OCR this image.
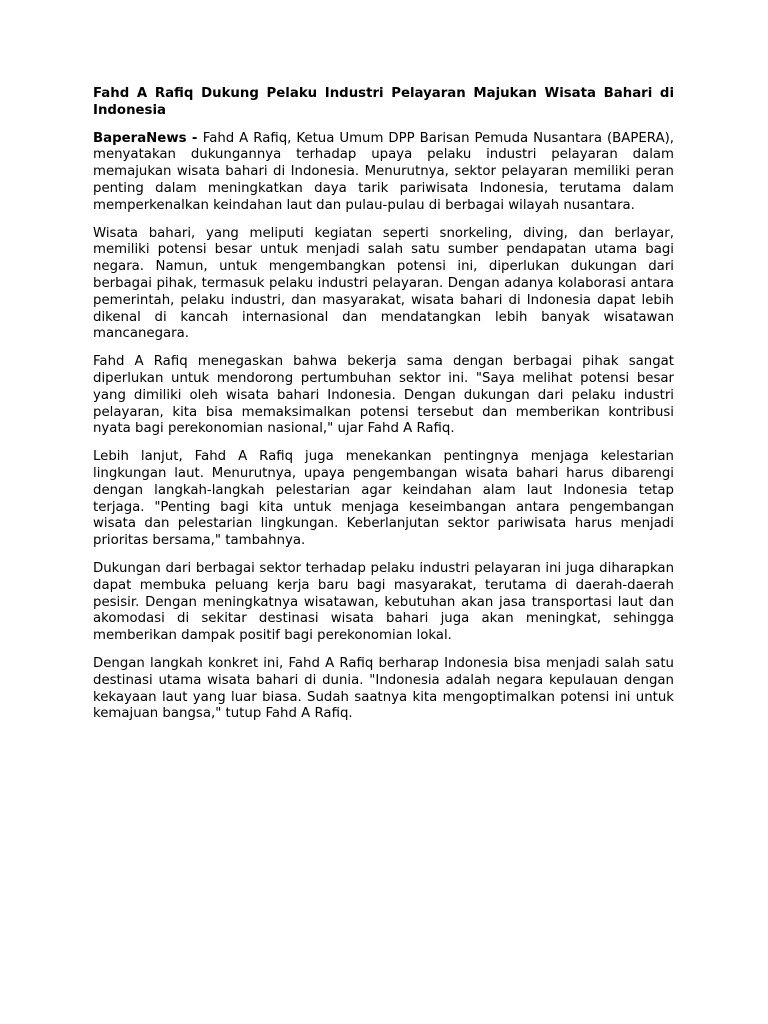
Fahd A Rafiq Dukung Pelaku Industri Pelayaran Majukan Wisata Bahari di Indonesia

BaperaNews - Fahd A Rafiq, Ketua Umum DPP Barisan Pemuda Nusantara (BAPERA), menyatakan dukungannya terhadap upaya pelaku industri pelayaran dalam memajukan wisata bahari di Indonesia. Menurutnya, sektor pelayaran memiliki peran penting dalam meningkatkan daya tarik pariwisata Indonesia, terutama dalam memperkenalkan keindahan laut dan pulau-pulau di berbagai wilayah nusantara.

Wisata bahari, yang meliputi kegiatan seperti snorkeling, diving, dan berlayar, memiliki potensi besar untuk menjadi salah satu sumber pendapatan utama bagi negara. Namun, untuk mengembangkan potensi ini, diperlukan dukungan dari berbagai pihak, termasuk pelaku industri pelayaran. Dengan adanya kolaborasi antara pemerintah, pelaku industri, dan masyarakat, wisata bahari di Indonesia dapat lebih dikenal di kancah internasional dan mendatangkan lebih banyak wisatawan mancanegara.

Fahd A Rafiq menegaskan bahwa bekerja sama dengan berbagai pihak sangat diperlukan untuk mendorong pertumbuhan sektor ini. "Saya melihat potensi besar yang dimiliki oleh wisata bahari Indonesia. Dengan dukungan dari pelaku industri pelayaran, kita bisa memaksimalkan potensi tersebut dan memberikan kontribusi nyata bagi perekonomian nasional," ujar Fahd A Rafiq.

Lebih lanjut, Fahd A Rafiq juga menekankan pentingnya menjaga kelestarian lingkungan laut. Menurutnya, upaya pengembangan wisata bahari harus dibarengi dengan langkah-langkah pelestarian agar keindahan alam laut Indonesia tetap terjaga. "Penting bagi kita untuk menjaga keseimbangan antara pengembangan wisata dan pelestarian lingkungan. Keberlanjutan sektor pariwisata harus menjadi prioritas bersama," tambahnya.

Dukungan dari berbagai sektor terhadap pelaku industri pelayaran ini juga diharapkan dapat membuka peluang kerja baru bagi masyarakat, terutama di daerah-daerah pesisir. Dengan meningkatnya wisatawan, kebutuhan akan jasa transportasi laut dan akomodasi di sekitar destinasi wisata bahari juga akan meningkat, sehingga memberikan dampak positif bagi perekonomian lokal.

Dengan langkah konkret ini, Fahd A Rafiq berharap Indonesia bisa menjadi salah satu destinasi utama wisata bahari di dunia. "Indonesia adalah negara kepulauan dengan kekayaan laut yang luar biasa. Sudah saatnya kita mengoptimalkan potensi ini untuk kemajuan bangsa," tutup Fahd A Rafiq.
